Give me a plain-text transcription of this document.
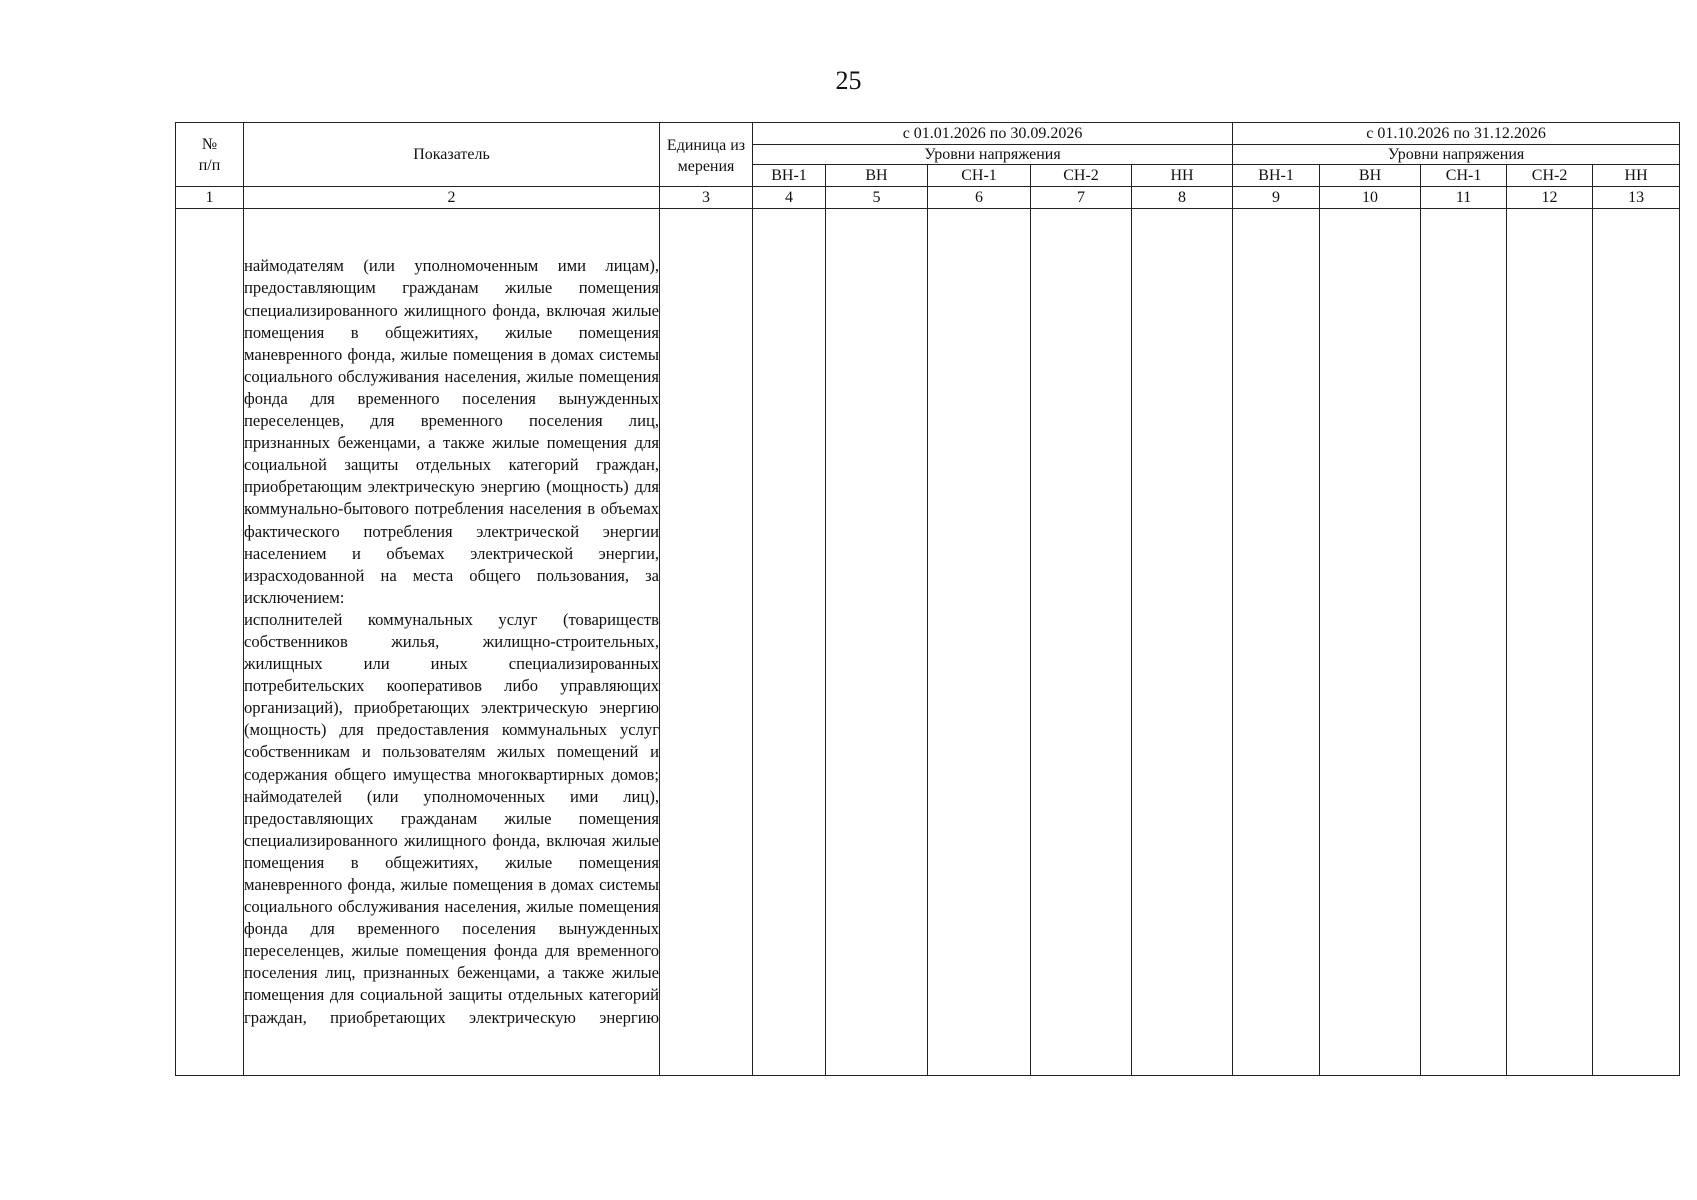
25
№
п/п	Показатель	Единица измерения	с 01.01.2026 по 30.09.2026					с 01.10.2026 по 31.12.2026				
			Уровни напряжения					Уровни напряжения				
			ВН-1	ВН	СН-1	СН-2	НН	ВН-1	ВН	СН-1	СН-2	НН
1	2	3	4	5	6	7	8	9	10	11	12	13

	наймодателям (или уполномоченным ими лицам), предоставляющим гражданам жилые помещения специализированного жилищного фонда, включая жилые помещения в общежитиях, жилые помещения маневренного фонда, жилые помещения в домах системы социального обслуживания населения, жилые помещения фонда для временного поселения вынужденных переселенцев, для временного поселения лиц, признанных беженцами, а также жилые помещения для социальной защиты отдельных категорий граждан, приобретающим электрическую энергию (мощность) для коммунально-бытового потребления населения в объемах фактического потребления электрической энергии населением и объемах электрической энергии, израсходованной на места общего пользования, за исключением:

исполнителей коммунальных услуг (товариществ собственников жилья, жилищно-строительных, жилищных или иных специализированных потребительских кооперативов либо управляющих организаций), приобретающих электрическую энергию (мощность) для предоставления коммунальных услуг собственникам и пользователям жилых помещений и содержания общего имущества многоквартирных домов;

наймодателей (или уполномоченных ими лиц), предоставляющих гражданам жилые помещения специализированного жилищного фонда, включая жилые помещения в общежитиях, жилые помещения маневренного фонда, жилые помещения в домах системы социального обслуживания населения, жилые помещения фонда для временного поселения вынужденных переселенцев, жилые помещения фонда для временного поселения лиц, признанных беженцами, а также жилые помещения для социальной защиты отдельных категорий граждан, приобретающих электрическую энергию											
